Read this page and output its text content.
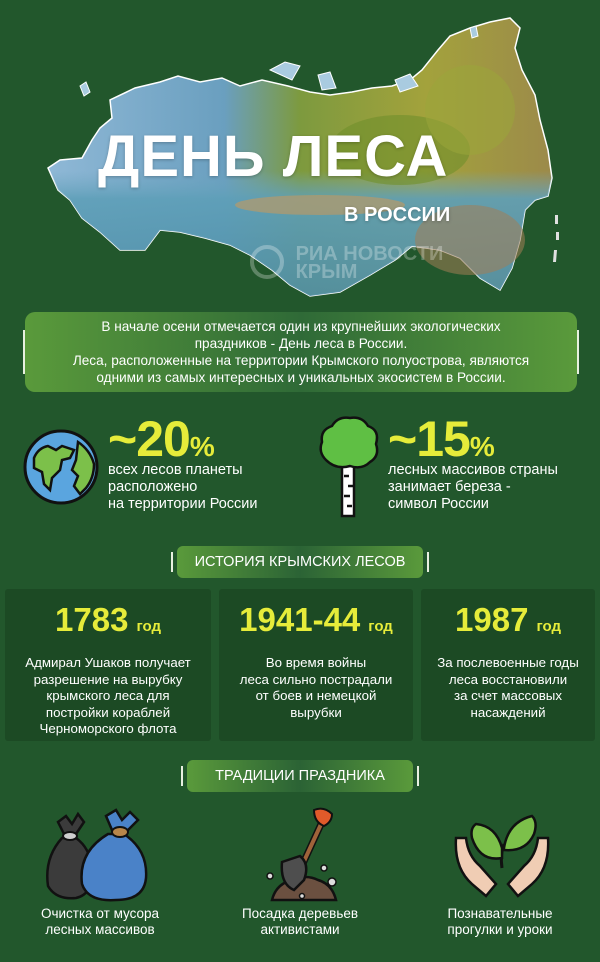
ДЕНЬ ЛЕСА
В РОССИИ
РИА НОВОСТИ
КРЫМ
В начале осени отмечается один из крупнейших экологических
праздников - День леса в России.
Леса, расположенные на территории Крымского полуострова, являются
одними из самых интересных и уникальных экосистем в России.
~20%
всех лесов планеты
расположено
на территории России
~15%
лесных массивов страны
занимает береза -
символ России
ИСТОРИЯ КРЫМСКИХ ЛЕСОВ
1783 год
Адмирал Ушаков получает
разрешение на вырубку
крымского леса для
постройки кораблей
Черноморского флота
1941-44 год
Во время войны
леса сильно пострадали
от боев и немецкой
вырубки
1987 год
За послевоенные годы
леса восстановили
за счет массовых
насаждений
ТРАДИЦИИ ПРАЗДНИКА
Очистка от мусора
лесных массивов
Посадка деревьев
активистами
Познавательные
прогулки и уроки
